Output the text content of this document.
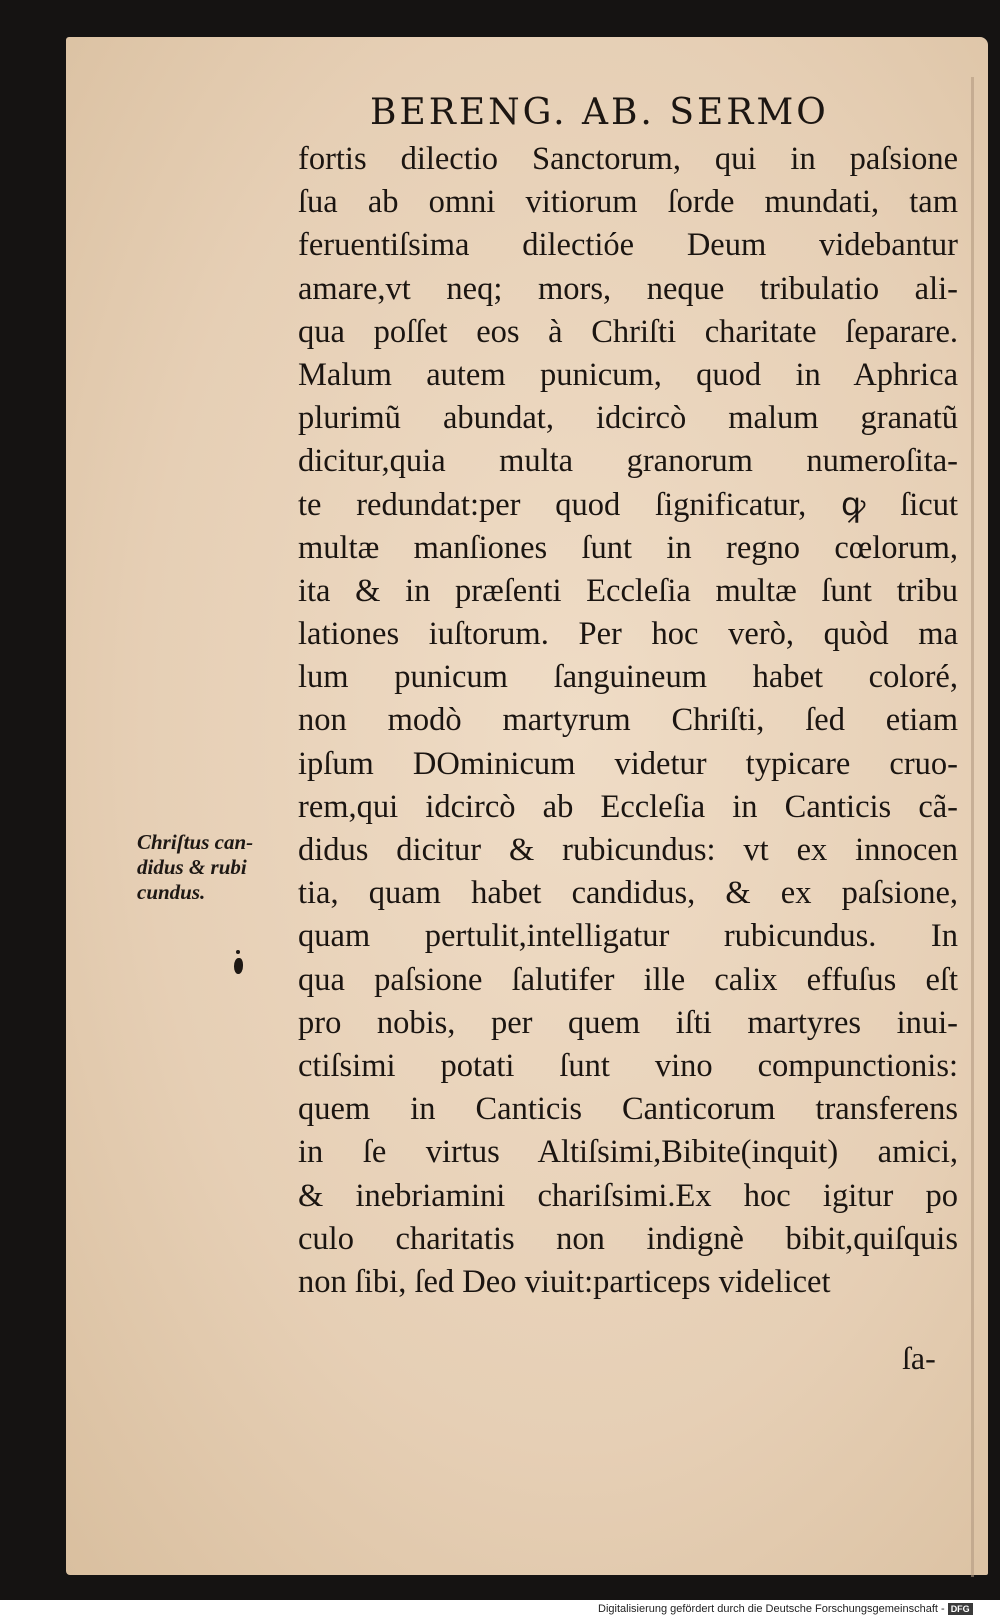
BERENG. AB. SERMO
fortis dilectio Sanctorum, qui in paſsione
ſua ab omni vitiorum ſorde mundati, tam
feruentiſsima dilectióe Deum videbantur
amare,vt neq; mors, neque tribulatio ali-
qua poſſet eos à Chriſti charitate ſeparare.
Malum autem punicum, quod in Aphrica
plurimũ abundat, idcircò malum granatũ
dicitur,quia multa granorum numeroſita-
te redundat:per quod ſignificatur, ꝙ ſicut
multæ manſiones ſunt in regno cœlorum,
ita & in præſenti Eccleſia multæ ſunt tribu
lationes iuſtorum. Per hoc verò, quòd ma
lum punicum ſanguineum habet coloré,
non modò martyrum Chriſti, ſed etiam
ipſum DOminicum videtur typicare cruo-
rem,qui idcircò ab Eccleſia in Canticis cã-
didus dicitur & rubicundus: vt ex innocen
tia, quam habet candidus, & ex paſsione,
quam pertulit,intelligatur rubicundus. In
qua paſsione ſalutifer ille calix effuſus eſt
pro nobis, per quem iſti martyres inui-
ctiſsimi potati ſunt vino compunctionis:
quem in Canticis Canticorum transferens
in ſe virtus Altiſsimi,Bibite(inquit) amici,
& inebriamini chariſsimi.Ex hoc igitur po
culo charitatis non indignè bibit,quiſquis
non ſibi, ſed Deo viuit:particeps videlicet
Chriſtus can-
didus & rubi
cundus.
ſa-
Digitalisierung gefördert durch die Deutsche Forschungsgemeinschaft - DFG
